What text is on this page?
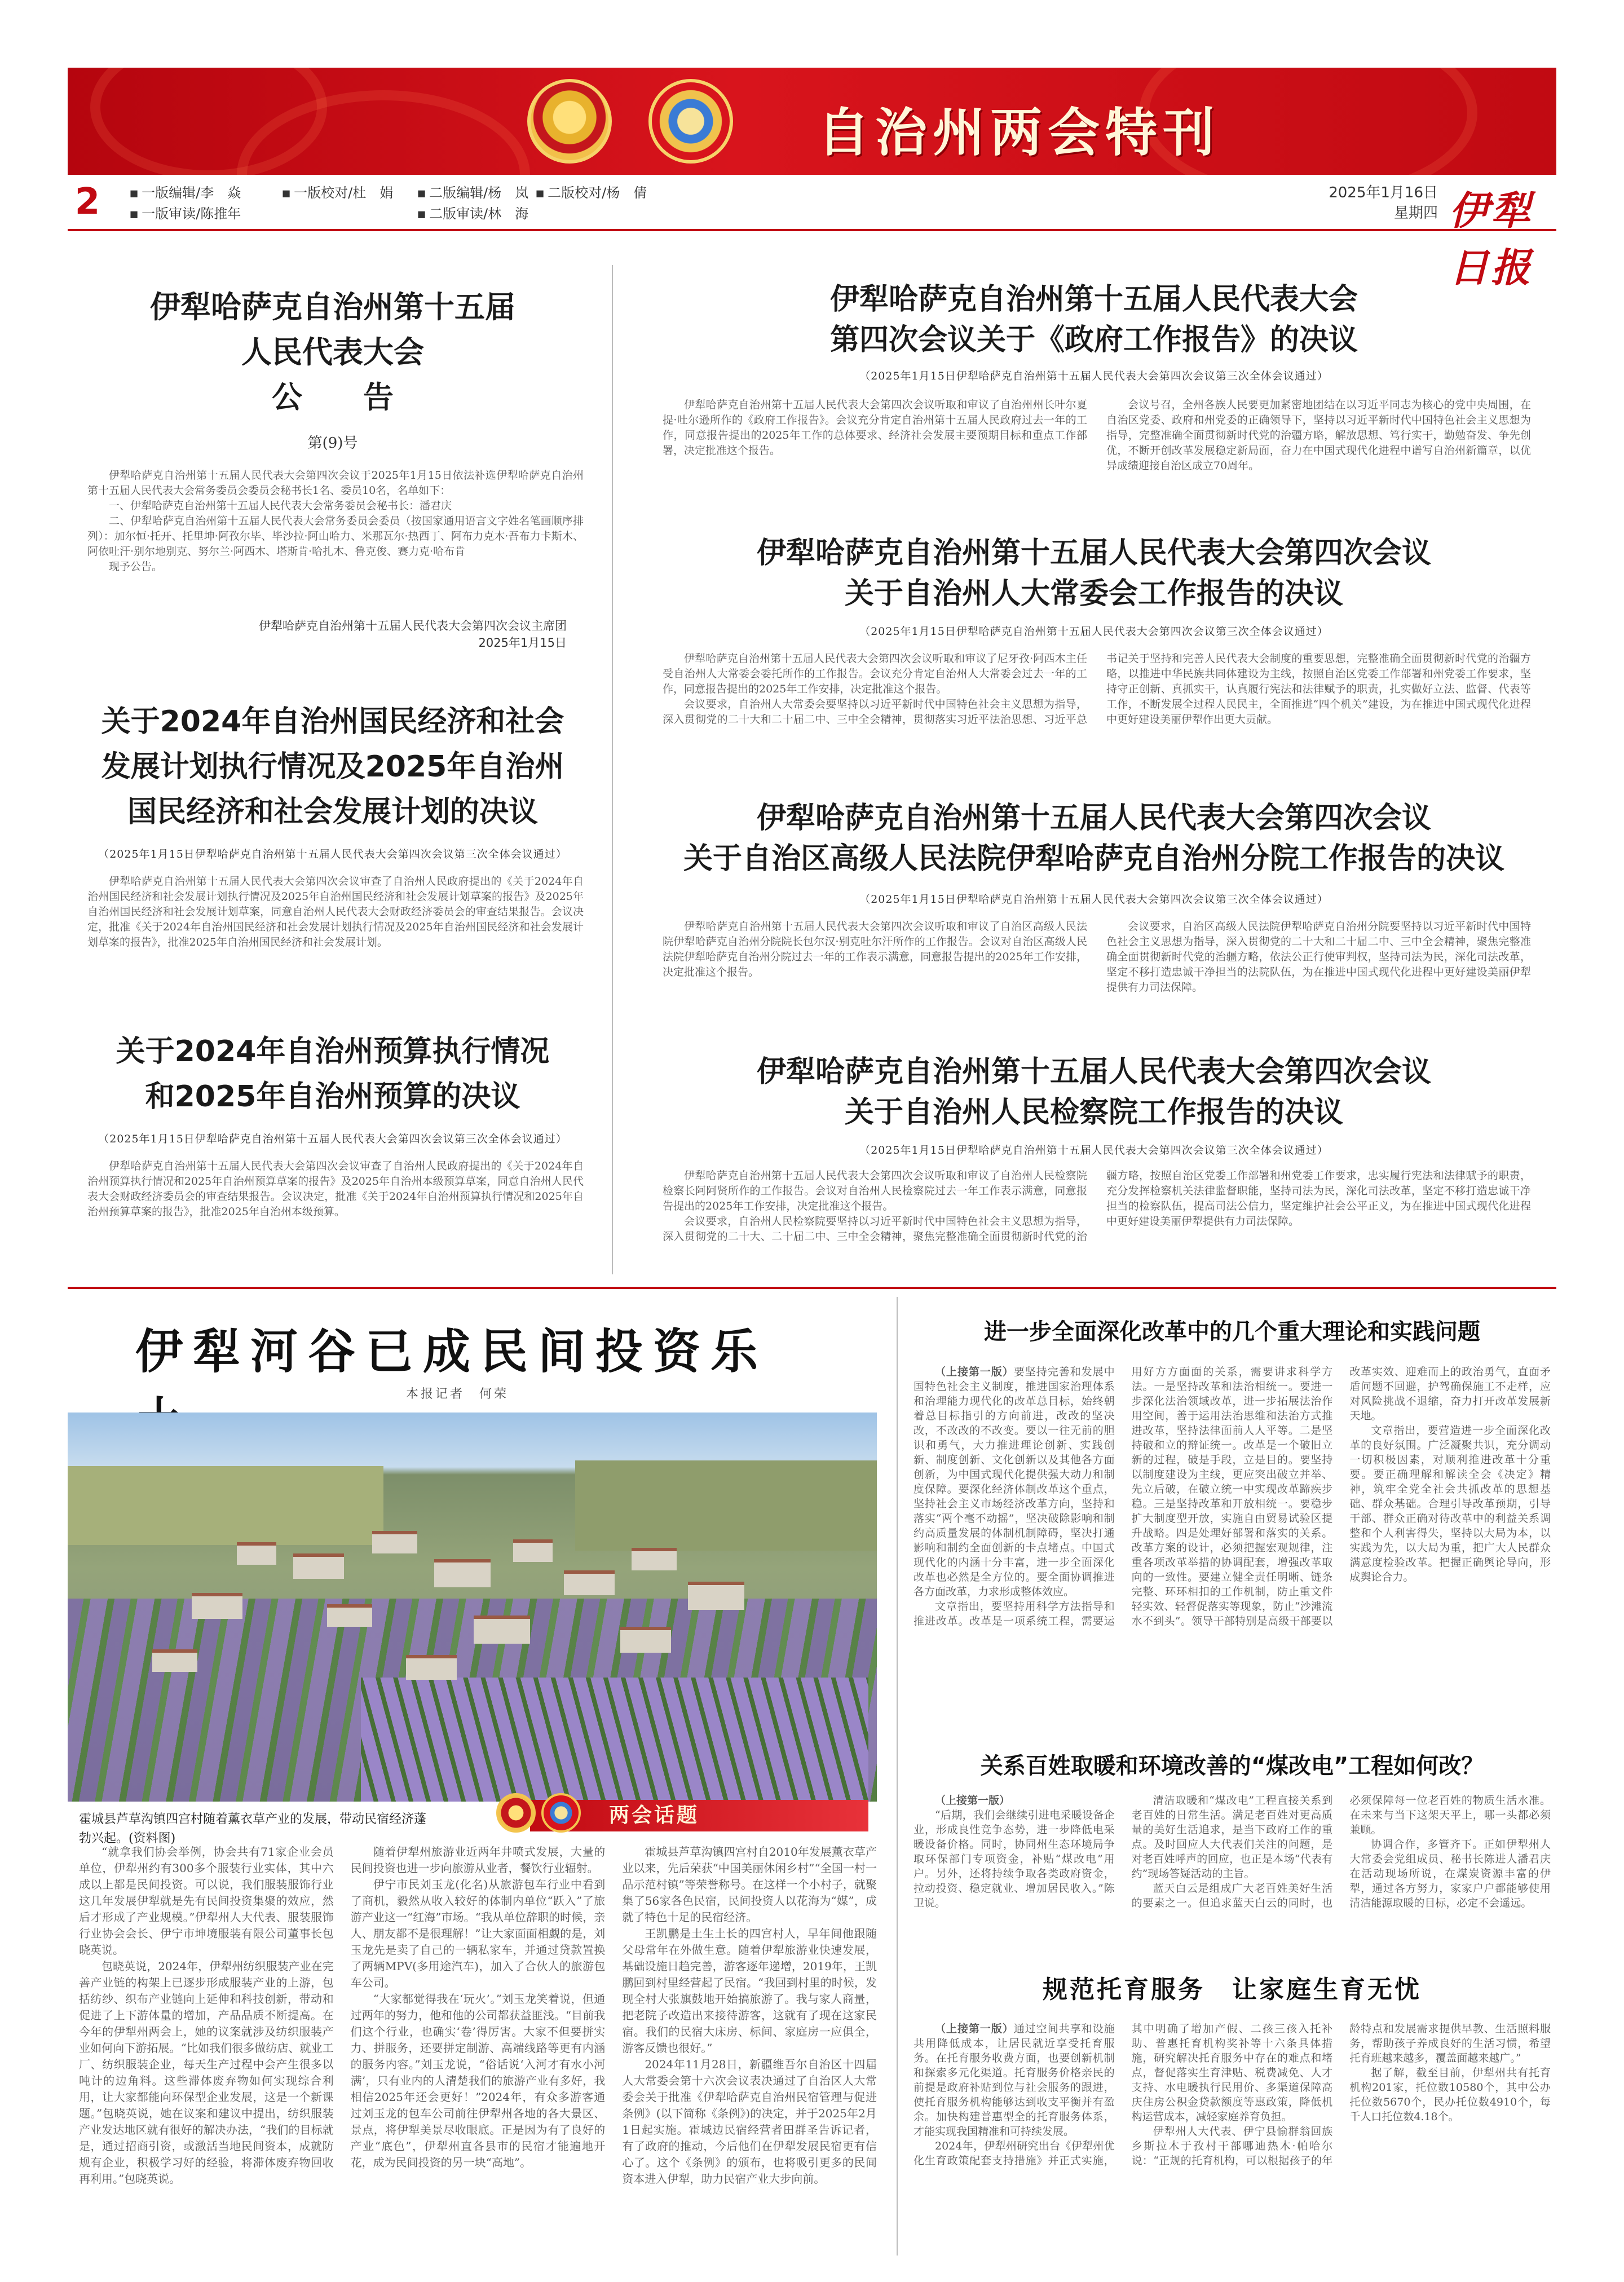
自治州两会特刊
2	■ 一版编辑/李　焱
■ 一版审读/陈推年
■ 一版校对/杜　娟	■ 二版编辑/杨　岚
■ 二版审读/林　海
■ 二版校对/杨　倩	2025年1月16日
星期四 伊犁日报
伊犁哈萨克自治州第十五届
人民代表大会
公　　告
第(9)号

伊犁哈萨克自治州第十五届人民代表大会第四次会议于2025年1月15日依法补选伊犁哈萨克自治州第十五届人民代表大会常务委员会委员会秘书长1名、委员10名，名单如下：

一、伊犁哈萨克自治州第十五届人民代表大会常务委员会秘书长：潘君庆

二、伊犁哈萨克自治州第十五届人民代表大会常务委员会委员（按国家通用语言文字姓名笔画顺序排列）：加尔恒·托开、托里坤·阿孜尔毕、毕沙拉·阿山哈力、米那瓦尔·热西丁、阿布力克木·吾布力卡斯木、阿依吐汗·别尔地别克、努尔兰·阿西木、塔斯肯·哈扎木、鲁克俊、赛力克·哈布肯

现予公告。

伊犁哈萨克自治州第十五届人民代表大会第四次会议主席团
2025年1月15日
关于2024年自治州国民经济和社会
发展计划执行情况及2025年自治州
国民经济和社会发展计划的决议
（2025年1月15日伊犁哈萨克自治州第十五届人民代表大会第四次会议第三次全体会议通过）

伊犁哈萨克自治州第十五届人民代表大会第四次会议审查了自治州人民政府提出的《关于2024年自治州国民经济和社会发展计划执行情况及2025年自治州国民经济和社会发展计划草案的报告》及2025年自治州国民经济和社会发展计划草案，同意自治州人民代表大会财政经济委员会的审查结果报告。会议决定，批准《关于2024年自治州国民经济和社会发展计划执行情况及2025年自治州国民经济和社会发展计划草案的报告》，批准2025年自治州国民经济和社会发展计划。

关于2024年自治州预算执行情况
和2025年自治州预算的决议
（2025年1月15日伊犁哈萨克自治州第十五届人民代表大会第四次会议第三次全体会议通过）

伊犁哈萨克自治州第十五届人民代表大会第四次会议审查了自治州人民政府提出的《关于2024年自治州预算执行情况和2025年自治州预算草案的报告》及2025年自治州本级预算草案，同意自治州人民代表大会财政经济委员会的审查结果报告。会议决定，批准《关于2024年自治州预算执行情况和2025年自治州预算草案的报告》，批准2025年自治州本级预算。

伊犁哈萨克自治州第十五届人民代表大会
第四次会议关于《政府工作报告》的决议
（2025年1月15日伊犁哈萨克自治州第十五届人民代表大会第四次会议第三次全体会议通过）

伊犁哈萨克自治州第十五届人民代表大会第四次会议听取和审议了自治州州长叶尔夏提·吐尔逊所作的《政府工作报告》。会议充分肯定自治州第十五届人民政府过去一年的工作，同意报告提出的2025年工作的总体要求、经济社会发展主要预期目标和重点工作部署，决定批准这个报告。

会议号召，全州各族人民要更加紧密地团结在以习近平同志为核心的党中央周围，在自治区党委、政府和州党委的正确领导下，坚持以习近平新时代中国特色社会主义思想为指导，完整准确全面贯彻新时代党的治疆方略，解放思想、笃行实干，勤勉奋发、争先创优，不断开创改革发展稳定新局面，奋力在中国式现代化进程中谱写自治州新篇章，以优异成绩迎接自治区成立70周年。

伊犁哈萨克自治州第十五届人民代表大会第四次会议
关于自治州人大常委会工作报告的决议
（2025年1月15日伊犁哈萨克自治州第十五届人民代表大会第四次会议第三次全体会议通过）

伊犁哈萨克自治州第十五届人民代表大会第四次会议听取和审议了尼牙孜·阿西木主任受自治州人大常委会委托所作的工作报告。会议充分肯定自治州人大常委会过去一年的工作，同意报告提出的2025年工作安排，决定批准这个报告。

会议要求，自治州人大常委会要坚持以习近平新时代中国特色社会主义思想为指导，深入贯彻党的二十大和二十届二中、三中全会精神，贯彻落实习近平法治思想、习近平总书记关于坚持和完善人民代表大会制度的重要思想，完整准确全面贯彻新时代党的治疆方略，以推进中华民族共同体建设为主线，按照自治区党委工作部署和州党委工作要求，坚持守正创新、真抓实干，认真履行宪法和法律赋予的职责，扎实做好立法、监督、代表等工作，不断发展全过程人民民主，全面推进“四个机关”建设，为在推进中国式现代化进程中更好建设美丽伊犁作出更大贡献。

伊犁哈萨克自治州第十五届人民代表大会第四次会议
关于自治区高级人民法院伊犁哈萨克自治州分院工作报告的决议
（2025年1月15日伊犁哈萨克自治州第十五届人民代表大会第四次会议第三次全体会议通过）

伊犁哈萨克自治州第十五届人民代表大会第四次会议听取和审议了自治区高级人民法院伊犁哈萨克自治州分院院长包尔汉·别克吐尔汗所作的工作报告。会议对自治区高级人民法院伊犁哈萨克自治州分院过去一年的工作表示满意，同意报告提出的2025年工作安排，决定批准这个报告。

会议要求，自治区高级人民法院伊犁哈萨克自治州分院要坚持以习近平新时代中国特色社会主义思想为指导，深入贯彻党的二十大和二十届二中、三中全会精神，聚焦完整准确全面贯彻新时代党的治疆方略，依法公正行使审判权，坚持司法为民，深化司法改革，坚定不移打造忠诚干净担当的法院队伍，为在推进中国式现代化进程中更好建设美丽伊犁提供有力司法保障。

伊犁哈萨克自治州第十五届人民代表大会第四次会议
关于自治州人民检察院工作报告的决议
（2025年1月15日伊犁哈萨克自治州第十五届人民代表大会第四次会议第三次全体会议通过）

伊犁哈萨克自治州第十五届人民代表大会第四次会议听取和审议了自治州人民检察院检察长阿阿贤所作的工作报告。会议对自治州人民检察院过去一年工作表示满意，同意报告提出的2025年工作安排，决定批准这个报告。

会议要求，自治州人民检察院要坚持以习近平新时代中国特色社会主义思想为指导，深入贯彻党的二十大、二十届二中、三中全会精神，聚焦完整准确全面贯彻新时代党的治疆方略，按照自治区党委工作部署和州党委工作要求，忠实履行宪法和法律赋予的职责，充分发挥检察机关法律监督职能，坚持司法为民，深化司法改革，坚定不移打造忠诚干净担当的检察队伍，提高司法公信力，坚定维护社会公平正义，为在推进中国式现代化进程中更好建设美丽伊犁提供有力司法保障。

伊犁河谷已成民间投资乐
本报记者　何荣
霍城县芦草沟镇四宫村随着薰衣草产业的发展，带动民宿经济蓬勃兴起。(资料图)
两会话题

“就拿我们协会举例，协会共有71家企业会员单位，伊犁州约有300多个服装行业实体，其中六成以上都是民间投资。可以说，我们服装服饰行业这几年发展伊犁就是先有民间投资集聚的效应，然后才形成了产业规模。”伊犁州人大代表、服装服饰行业协会会长、伊宁市坤境服装有限公司董事长包晓英说。

包晓英说，2024年，伊犁州纺织服装产业在完善产业链的构架上已逐步形成服装产业的上游，包括纺纱、织布产业链向上延伸和科技创新，带动和促进了上下游体量的增加，产品品质不断提高。在今年的伊犁州两会上，她的议案就涉及纺织服装产业如何向下游拓展。“比如我们很多做纺店、就业工厂、纺织服装企业，每天生产过程中会产生很多以吨计的边角料。这些滞体废弃物如何实现综合利用，让大家都能向环保型企业发展，这是一个新课题。”包晓英说，她在议案和建议中提出，纺织服装产业发达地区就有很好的解决办法，“我们的目标就是，通过招商引资，或激活当地民间资本，成就防规有企业，积极学习好的经验，将滞体废弃物回收再利用。”包晓英说。

随着伊犁州旅游业近两年井喷式发展，大量的民间投资也进一步向旅游从业者，餐饮行业辐射。

伊宁市民刘玉龙(化名)从旅游包车行业中看到了商机，毅然从收入较好的体制内单位“跃入”了旅游产业这一“红海”市场。“我从单位辞职的时候，亲人、朋友都不是很理解！”让大家面面相觑的是，刘玉龙先是卖了自己的一辆私家车，并通过贷款置换了两辆MPV(多用途汽车)，加入了合伙人的旅游包车公司。

“大家都觉得我在‘玩火’。”刘玉龙笑着说，但通过两年的努力，他和他的公司都获益匪浅。“目前我们这个行业，也确实‘卷’得厉害。大家不但要拼实力、拼服务，还要拼定制游、高端线路等更有内涵的服务内容。”刘玉龙说，“俗话说‘入河才有水小河满’，只有业内的人清楚我们的旅游产业有多好，我相信2025年还会更好！”2024年，有众多游客通过刘玉龙的包车公司前往伊犁州各地的各大景区、景点，将伊犁美景尽收眼底。正是因为有了良好的产业“底色”，伊犁州直各县市的民宿才能遍地开花，成为民间投资的另一块“高地”。

霍城县芦草沟镇四宫村自2010年发展薰衣草产业以来，先后荣获“中国美丽休闲乡村”“全国一村一品示范村镇”等荣誉称号。在这样一个小村子，就聚集了56家各色民宿，民间投资人以花海为“媒”，成就了特色十足的民宿经济。

王凯鹏是土生土长的四宫村人，早年间他跟随父母常年在外做生意。随着伊犁旅游业快速发展，基础设施日趋完善，游客逐年递增，2019年，王凯鹏回到村里经营起了民宿。“我回到村里的时候，发现全村大张旗鼓地开始搞旅游了。我与家人商量，把老院子改造出来接待游客，这就有了现在这家民宿。我们的民宿大床房、标间、家庭房一应俱全，游客反馈也很好。”

2024年11月28日，新疆维吾尔自治区十四届人大常委会第十六次会议表决通过了自治区人大常委会关于批准《伊犁哈萨克自治州民宿管理与促进条例》(以下简称《条例》)的决定，并于2025年2月1日起实施。霍城边民宿经营者田群圣告诉记者，有了政府的推动，今后他们在伊犁发展民宿更有信心了。这个《条例》的颁布，也将吸引更多的民间资本进入伊犁，助力民宿产业大步向前。

进一步全面深化改革中的几个重大理论和实践问题

（上接第一版）要坚持完善和发展中国特色社会主义制度，推进国家治理体系和治理能力现代化的改革总目标，始终朝着总目标指引的方向前进，改改的坚决改，不改改的不改变。要以一往无前的胆识和勇气，大力推进理论创新、实践创新、制度创新、文化创新以及其他各方面创新，为中国式现代化提供强大动力和制度保障。要深化经济体制改革这个重点，坚持社会主义市场经济改革方向，坚持和落实“两个毫不动摇”，坚决破除影响和制约高质量发展的体制机制障碍，坚决打通影响和制约全面创新的卡点堵点。中国式现代化的内涵十分丰富，进一步全面深化改革也必然是全方位的。要全面协调推进各方面改革，力求形成整体效应。

文章指出，要坚持用科学方法指导和推进改革。改革是一项系统工程，需要运用好方方面面的关系，需要讲求科学方法。一是坚持改革和法治相统一。要进一步深化法治领域改革，进一步拓展法治作用空间，善于运用法治思维和法治方式推进改革，坚持法律面前人人平等。二是坚持破和立的辩证统一。改革是一个破旧立新的过程，破是手段，立是目的。要坚持以制度建设为主线，更应突出破立并举、先立后破，在破立统一中实现改革蹄疾步稳。三是坚持改革和开放相统一。要稳步扩大制度型开放，实施自由贸易试验区提升战略。四是处理好部署和落实的关系。改革方案的设计，必须把握宏观规律，注重各项改革举措的协调配套，增强改革取向的一致性。要建立健全责任明晰、链条完整、环环相扣的工作机制，防止重文件轻实效、轻督促落实等现象，防止“沙滩流水不到头”。领导干部特别是高级干部要以改革实效、迎难而上的政治勇气，直面矛盾问题不回避，护驾确保施工不走样，应对风险挑战不退缩，奋力打开改革发展新天地。

文章指出，要营造进一步全面深化改革的良好氛围。广泛凝聚共识，充分调动一切积极因素，对顺利推进改革十分重要。要正确理解和解读全会《决定》精神，筑牢全党全社会共抓改革的思想基础、群众基础。合理引导改革预期，引导干部、群众正确对待改革中的利益关系调整和个人利害得失，坚持以大局为本，以实践为先，以大局为重，把广大人民群众满意度检验改革。把握正确舆论导向，形成舆论合力。

关系百姓取暖和环境改善的“煤改电”工程如何改？

（上接第一版）

“后期，我们会继续引进电采暖设备企业，形成良性竞争态势，进一步降低电采暖设备价格。同时，协同州生态环境局争取环保部门专项资金，补贴“煤改电”用户。另外，还将持续争取各类政府资金，拉动投资、稳定就业、增加居民收入。”陈卫说。

清洁取暖和“煤改电”工程直接关系到老百姓的日常生活。满足老百姓对更高质量的美好生活追求，是当下政府工作的重点。及时回应人大代表们关注的问题，是对老百姓呼声的回应，也正是本场“代表有约”现场答疑活动的主旨。

蓝天白云是组成广大老百姓美好生活的要素之一。但追求蓝天白云的同时，也必须保障每一位老百姓的物质生活水准。在未来与当下这架天平上，哪一头都必须兼顾。

协调合作，多管齐下。正如伊犁州人大常委会党组成员、秘书长陈进人潘君庆在活动现场所说，在煤炭资源丰富的伊犁，通过各方努力，家家户户都能够使用清洁能源取暖的目标，必定不会遥远。

规范托育服务　让家庭生育无忧

（上接第一版）通过空间共享和设施共用降低成本，让居民就近享受托育服务。在托育服务收费方面，也要创新机制和探索多元化渠道。托育服务价格亲民的前提是政府补贴到位与社会服务的跟进，使托育服务机构能够达到收支平衡并有盈余。加快构建普惠型全的托育服务体系，才能实现我国精准和可持续发展。

2024年，伊犁州研究出台《伊犁州优化生育政策配套支持措施》并正式实施，其中明确了增加产假、二孩三孩入托补助、普惠托育机构奖补等十六条具体措施，研究解决托育服务中存在的难点和堵点，督促落实生育津贴、税费减免、人才支持、水电暖执行民用价、多渠道保障高庆住房公积金贷款额度等惠政策，降低机构运营成本，减轻家庭养育负担。

伊犁州人大代表、伊宁县愉群翁回族乡斯拉木于孜村干部哪迪热木·帕哈尔说：“正规的托育机构，可以根据孩子的年龄特点和发展需求提供早教、生活照料服务，帮助孩子养成良好的生活习惯，希望托育班越来越多，覆盖面越来越广。”

据了解，截至目前，伊犁州共有托育机构201家，托位数10580个，其中公办托位数5670个，民办托位数4910个，每千人口托位数4.18个。
